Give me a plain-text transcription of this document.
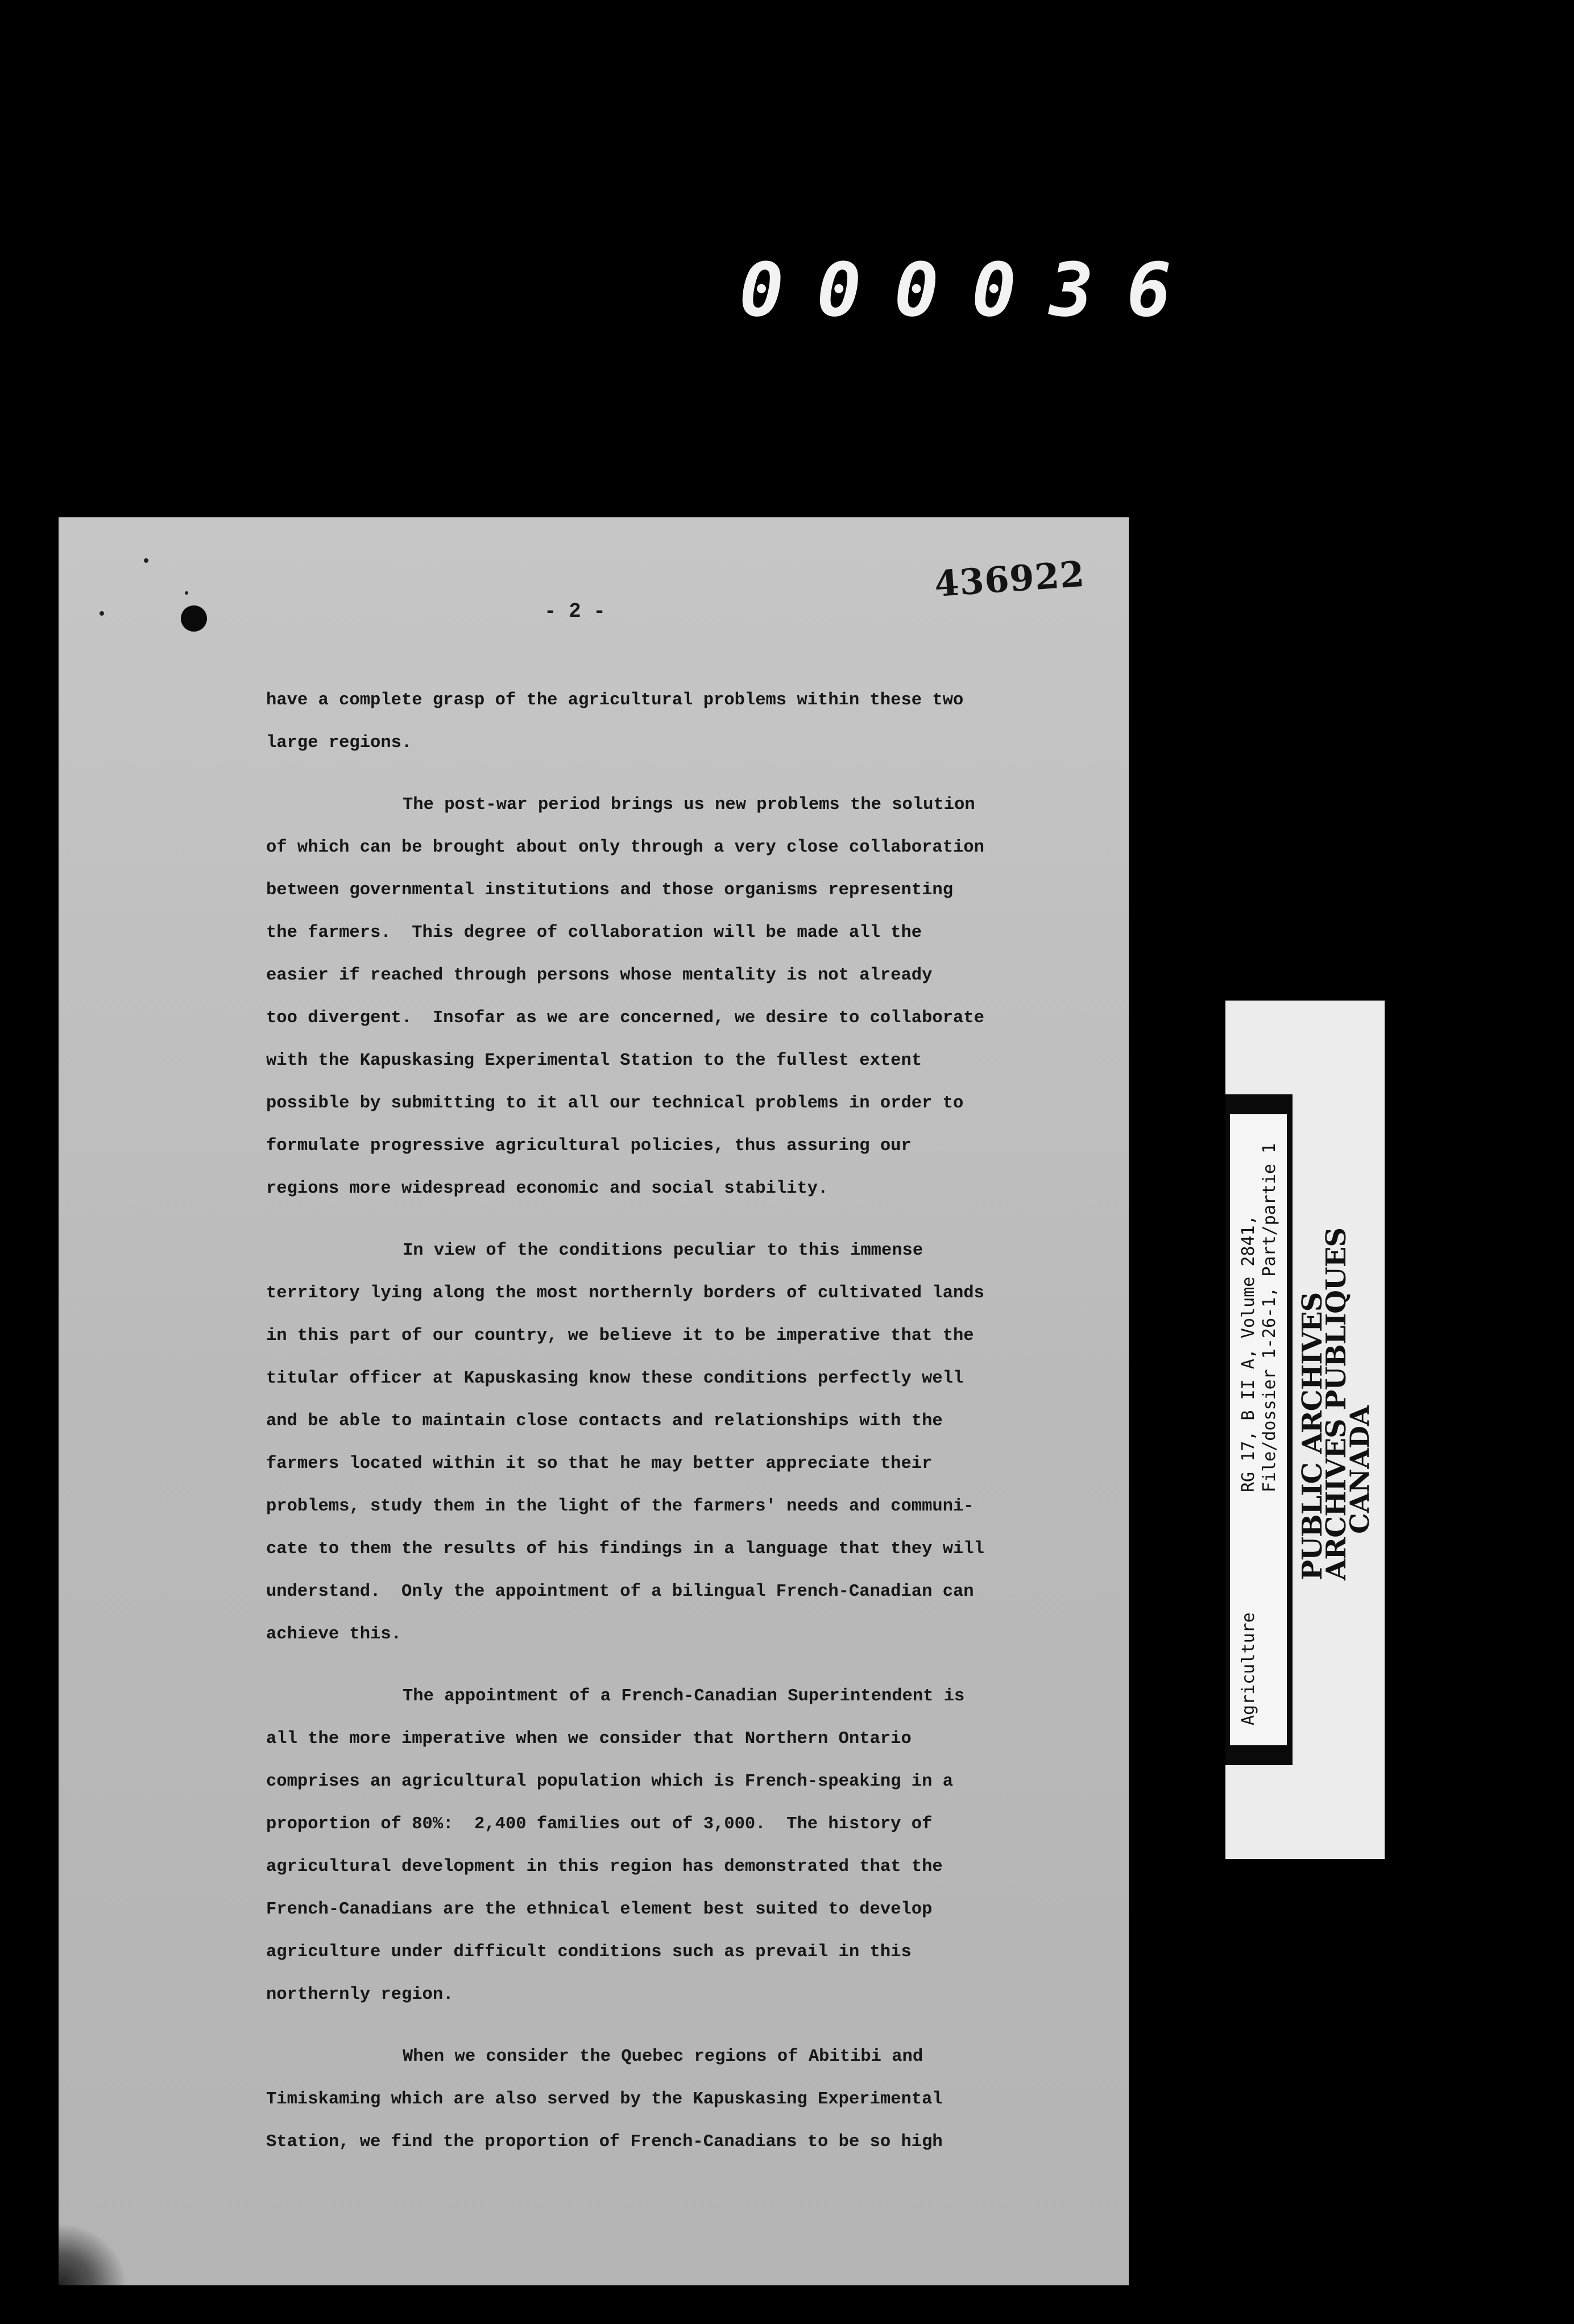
000036
436922
- 2 -
have a complete grasp of the agricultural problems within these two
large regions.
The post-war period brings us new problems the solution
of which can be brought about only through a very close collaboration
between governmental institutions and those organisms representing
the farmers.  This degree of collaboration will be made all the
easier if reached through persons whose mentality is not already
too divergent.  Insofar as we are concerned, we desire to collaborate
with the Kapuskasing Experimental Station to the fullest extent
possible by submitting to it all our technical problems in order to
formulate progressive agricultural policies, thus assuring our
regions more widespread economic and social stability.
In view of the conditions peculiar to this immense
territory lying along the most northernly borders of cultivated lands
in this part of our country, we believe it to be imperative that the
titular officer at Kapuskasing know these conditions perfectly well
and be able to maintain close contacts and relationships with the
farmers located within it so that he may better appreciate their
problems, study them in the light of the farmers' needs and communi-
cate to them the results of his findings in a language that they will
understand.  Only the appointment of a bilingual French-Canadian can
achieve this.
The appointment of a French-Canadian Superintendent is
all the more imperative when we consider that Northern Ontario
comprises an agricultural population which is French-speaking in a
proportion of 80%:  2,400 families out of 3,000.  The history of
agricultural development in this region has demonstrated that the
French-Canadians are the ethnical element best suited to develop
agriculture under difficult conditions such as prevail in this
northernly region.
When we consider the Quebec regions of Abitibi and
Timiskaming which are also served by the Kapuskasing Experimental
Station, we find the proportion of French-Canadians to be so high
Agriculture
RG 17, B II A, Volume 2841, File/dossier 1-26-1, Part/partie 1 PUBLIC ARCHIVES
ARCHIVES PUBLIQUES
CANADA
